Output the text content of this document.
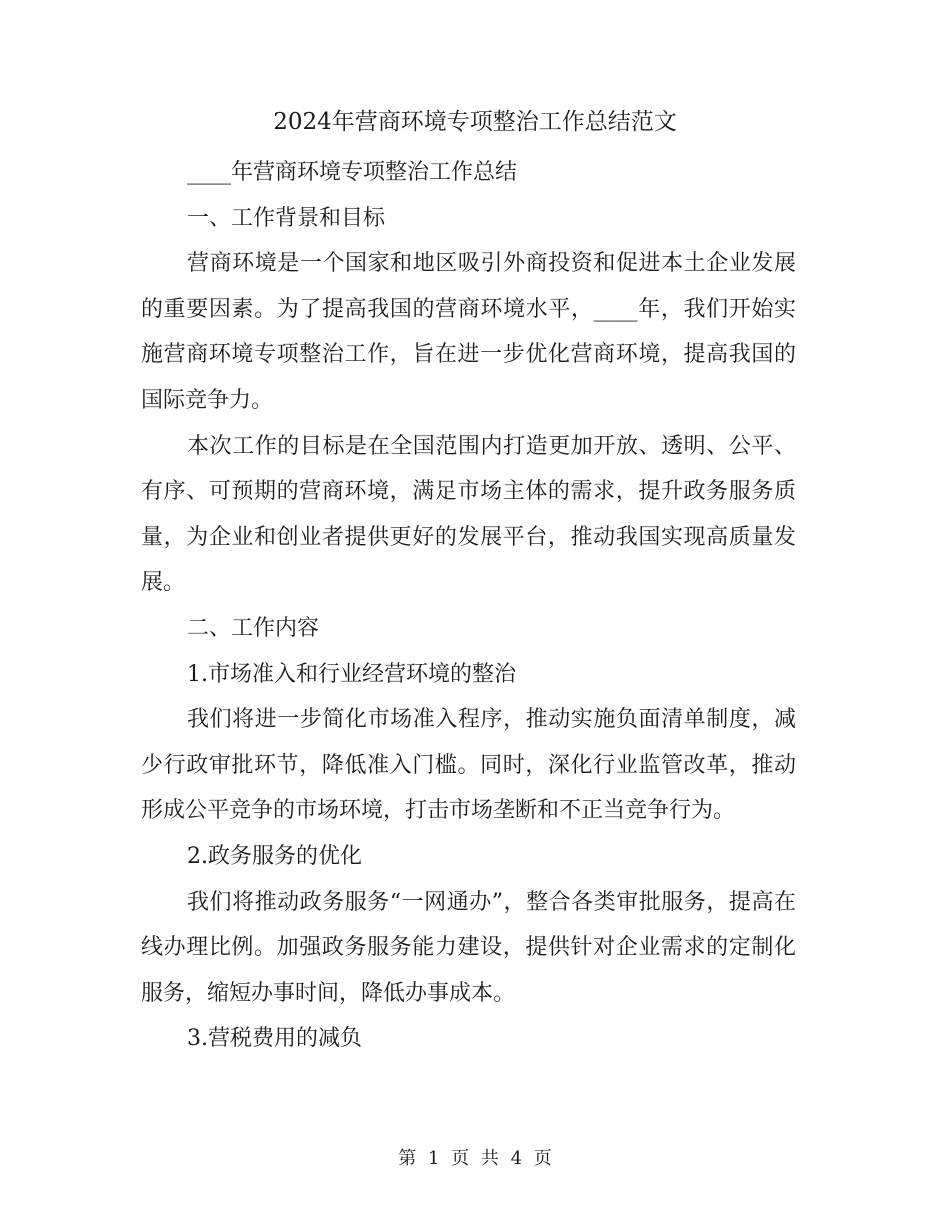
2024年营商环境专项整治工作总结范文

____年营商环境专项整治工作总结

一、工作背景和目标

营商环境是一个国家和地区吸引外商投资和促进本土企业发展的重要因素。为了提高我国的营商环境水平，____年，我们开始实施营商环境专项整治工作，旨在进一步优化营商环境，提高我国的国际竞争力。

本次工作的目标是在全国范围内打造更加开放、透明、公平、有序、可预期的营商环境，满足市场主体的需求，提升政务服务质量，为企业和创业者提供更好的发展平台，推动我国实现高质量发展。

二、工作内容

1.市场准入和行业经营环境的整治

我们将进一步简化市场准入程序，推动实施负面清单制度，减少行政审批环节，降低准入门槛。同时，深化行业监管改革，推动形成公平竞争的市场环境，打击市场垄断和不正当竞争行为。

2.政务服务的优化

我们将推动政务服务“一网通办”，整合各类审批服务，提高在线办理比例。加强政务服务能力建设，提供针对企业需求的定制化服务，缩短办事时间，降低办事成本。

3.营税费用的减负

第 1 页 共 4 页
